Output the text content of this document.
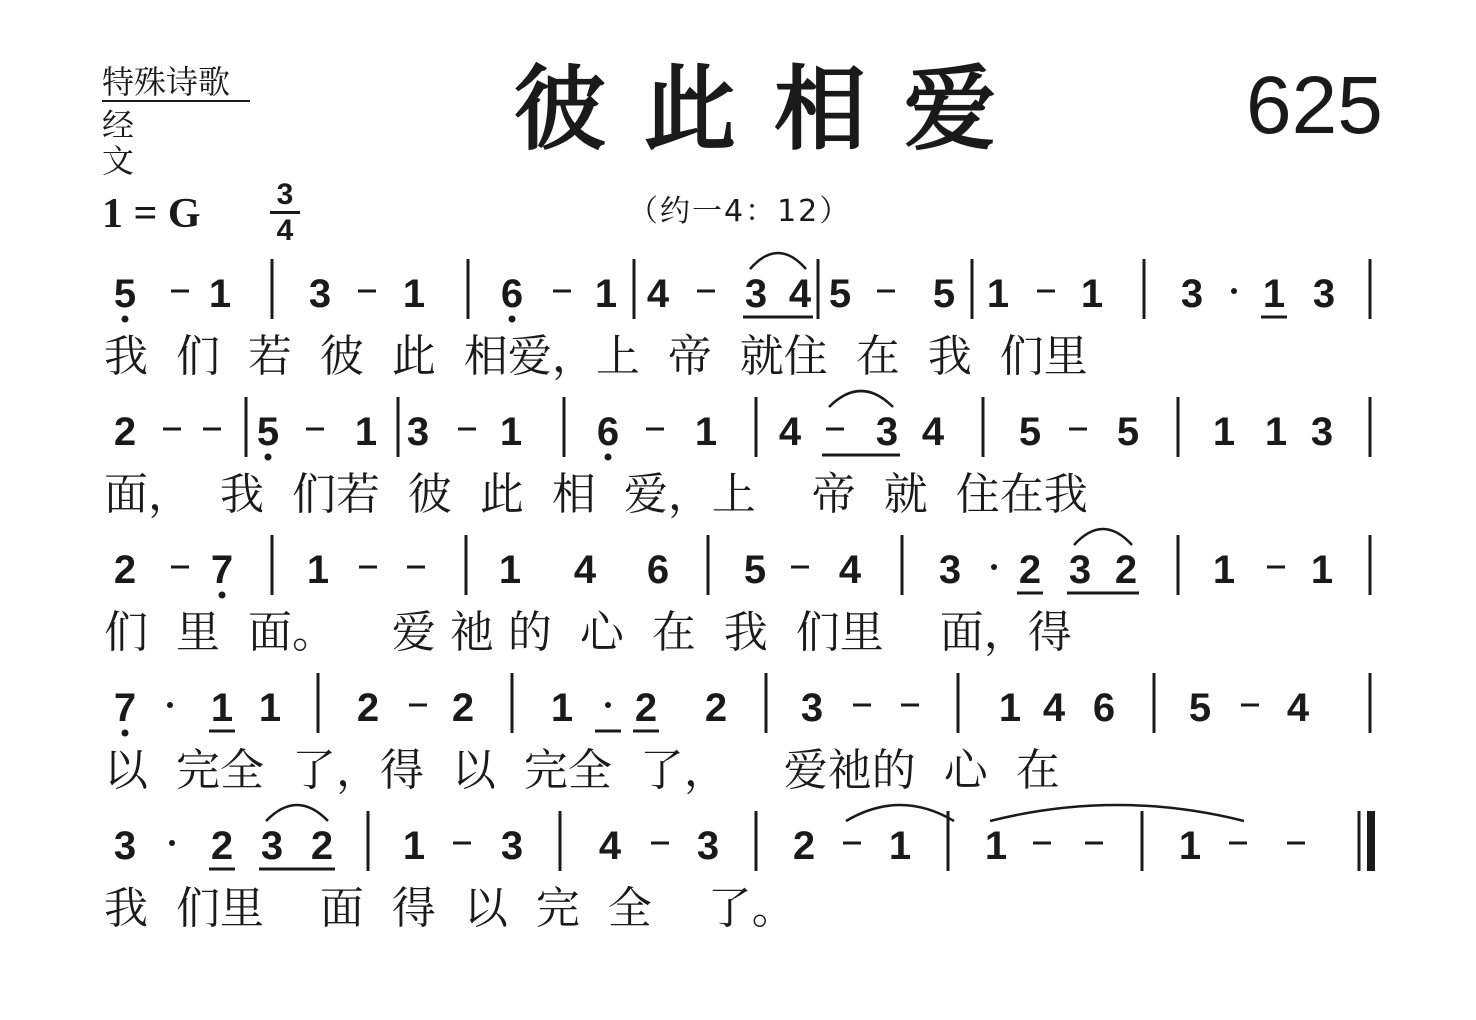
特殊诗歌
经文	彼此相爱	625
1 = G $\frac{3}{4}$	（约一4：12）
5 1 3 1 6 1 4 3 4 5 5 1 1 3 1 3
2	5 1 3 1 6 1 4 3 4 5 5 1 1 3
2 7 1	1 4 6 5 4 3 2 3 2 1 1
7 1 1 2 2 1 2 2 3	1 4 6 5 4
3 2 3 2 1 3 4 3 2 1 1	1
我  们  若  彼  此  相爱，上  帝  就住  在  我  们里
面，  我  们若  彼  此  相  爱，上    帝  就  住在我
们  里  面。    爱 祂 的  心  在  我  们里    面，得
以  完全  了，得  以  完全  了，    爱祂的  心  在
我  们里    面  得  以  完  全    了。
